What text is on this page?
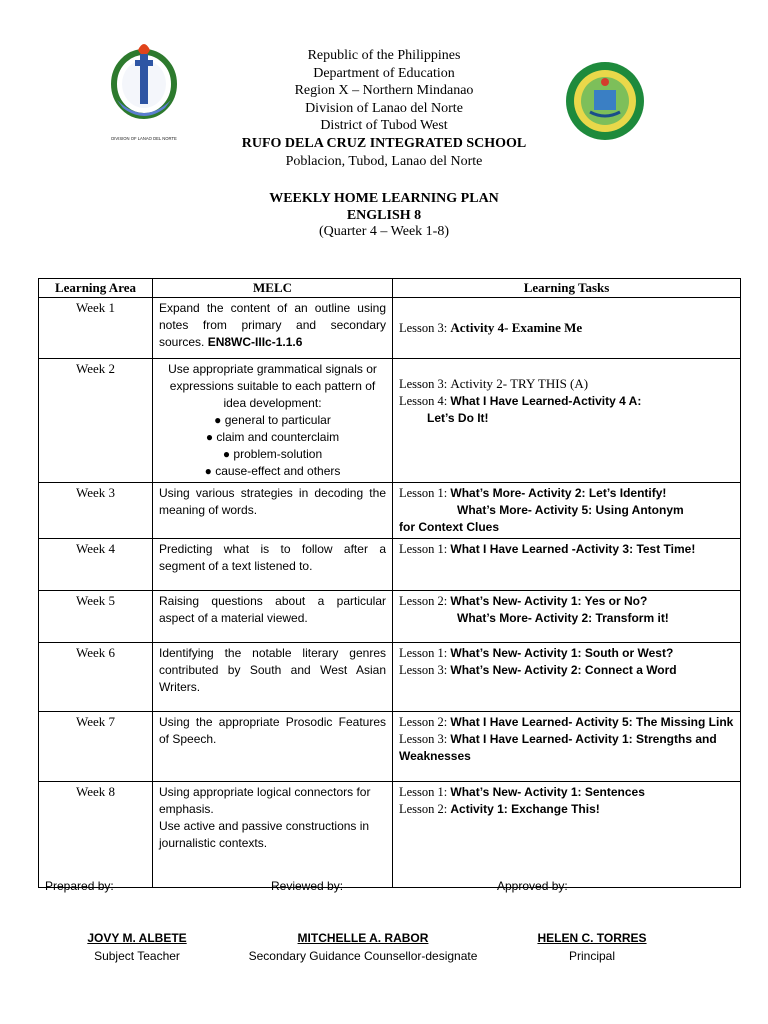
DIVISION OF LANAO DEL NORTE
Republic of the Philippines
Department of Education
Region X – Northern Mindanao
Division of Lanao del Norte
District of Tubod West
RUFO DELA CRUZ INTEGRATED SCHOOL
Poblacion, Tubod, Lanao del Norte
WEEKLY HOME LEARNING PLAN
ENGLISH 8
(Quarter 4 – Week 1-8)
Learning Area	MELC	Learning Tasks
Week 1	Expand the content of an outline using notes from primary and secondary sources. EN8WC-IIIc-1.1.6	Lesson 3: Activity 4- Examine Me

Week 2	Use appropriate grammatical signals or expressions suitable to each pattern of idea development:
● general to particular
● claim and counterclaim
● problem-solution
● cause-effect and others	Lesson 3: Activity 2- TRY THIS (A)
Lesson 4: What I Have Learned-Activity 4 A:
Let’s Do It!

Week 3	Using various strategies in decoding the meaning of words.	Lesson 1: What’s More- Activity 2: Let’s Identify!
What’s More- Activity 5: Using Antonym
for Context Clues

Week 4	Predicting what is to follow after a segment of a text listened to.	Lesson 1: What I Have Learned -Activity 3: Test Time!

Week 5	Raising questions about a particular aspect of a material viewed.	Lesson 2: What’s New- Activity 1: Yes or No?
What’s More- Activity 2: Transform it!

Week 6	Identifying the notable literary genres contributed by South and West Asian Writers.	Lesson 1: What’s New- Activity 1: South or West?
Lesson 3: What’s New- Activity 2: Connect a Word

Week 7	Using the appropriate Prosodic Features of Speech.	Lesson 2: What I Have Learned- Activity 5: The Missing Link
Lesson 3: What I Have Learned- Activity 1: Strengths and Weaknesses

Week 8	Using appropriate logical connectors for emphasis.
Use active and passive constructions in journalistic contexts.	Lesson 1: What’s New- Activity 1: Sentences
Lesson 2: Activity 1: Exchange This!
Prepared by:	Reviewed by:	Approved by:
JOVY M. ALBETE
Subject Teacher
MITCHELLE A. RABOR
Secondary Guidance Counsellor-designate
HELEN C. TORRES
Principal
